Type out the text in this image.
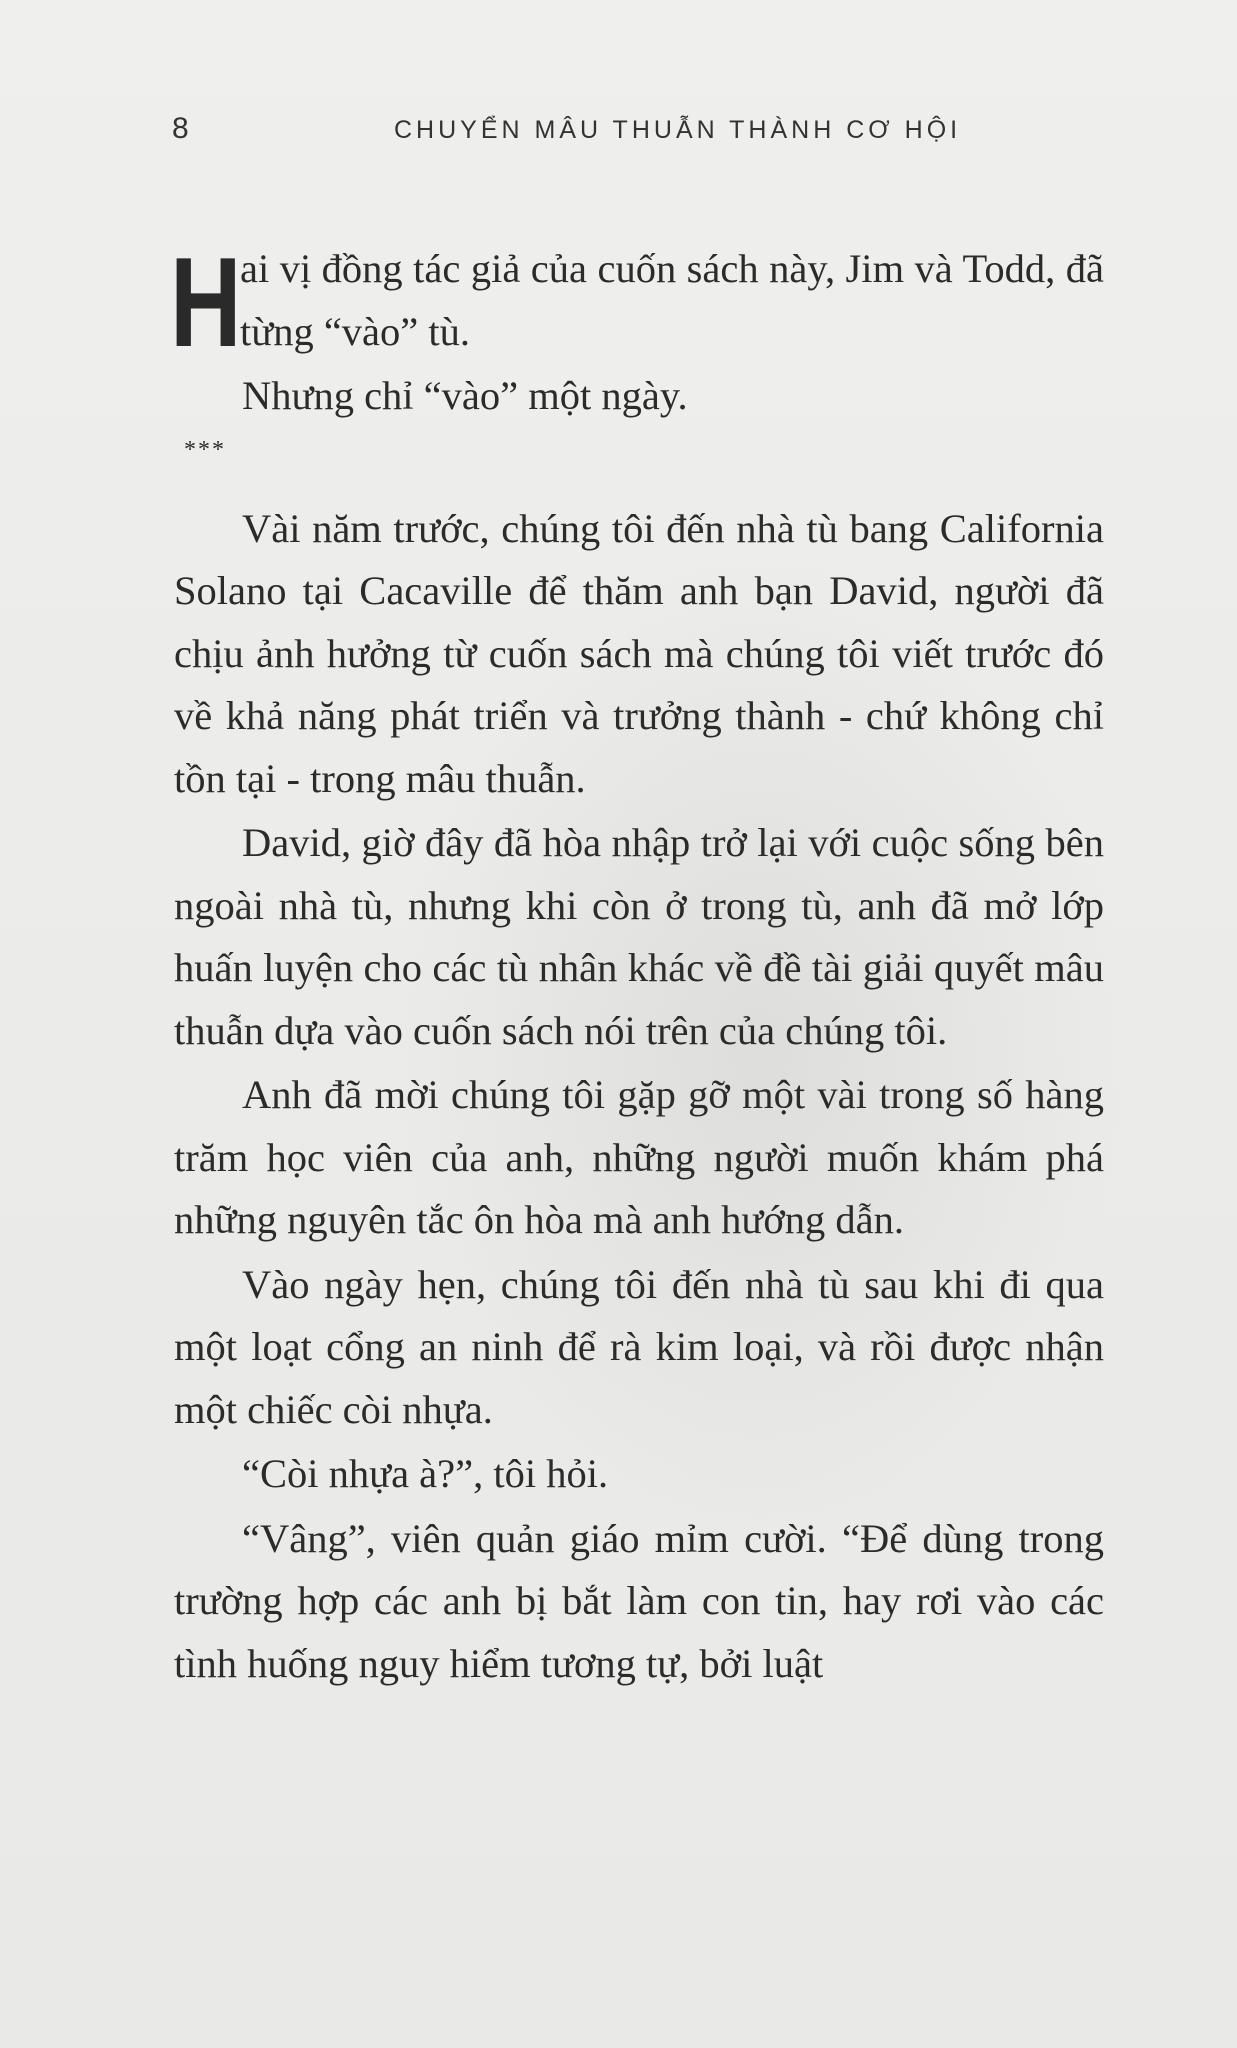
8	CHUYỂN MÂU THUẪN THÀNH CƠ HỘI

H
ai vị đồng tác giả của cuốn sách này, Jim và Todd, đã từng “vào” tù.

Nhưng chỉ “vào” một ngày.

***

Vài năm trước, chúng tôi đến nhà tù bang California Solano tại Cacaville để thăm anh bạn David, người đã chịu ảnh hưởng từ cuốn sách mà chúng tôi viết trước đó về khả năng phát triển và trưởng thành - chứ không chỉ tồn tại - trong mâu thuẫn.

David, giờ đây đã hòa nhập trở lại với cuộc sống bên ngoài nhà tù, nhưng khi còn ở trong tù, anh đã mở lớp huấn luyện cho các tù nhân khác về đề tài giải quyết mâu thuẫn dựa vào cuốn sách nói trên của chúng tôi.

Anh đã mời chúng tôi gặp gỡ một vài trong số hàng trăm học viên của anh, những người muốn khám phá những nguyên tắc ôn hòa mà anh hướng dẫn.

Vào ngày hẹn, chúng tôi đến nhà tù sau khi đi qua một loạt cổng an ninh để rà kim loại, và rồi được nhận một chiếc còi nhựa.

“Còi nhựa à?”, tôi hỏi.

“Vâng”, viên quản giáo mỉm cười. “Để dùng trong trường hợp các anh bị bắt làm con tin, hay rơi vào các tình huống nguy hiểm tương tự, bởi luật
